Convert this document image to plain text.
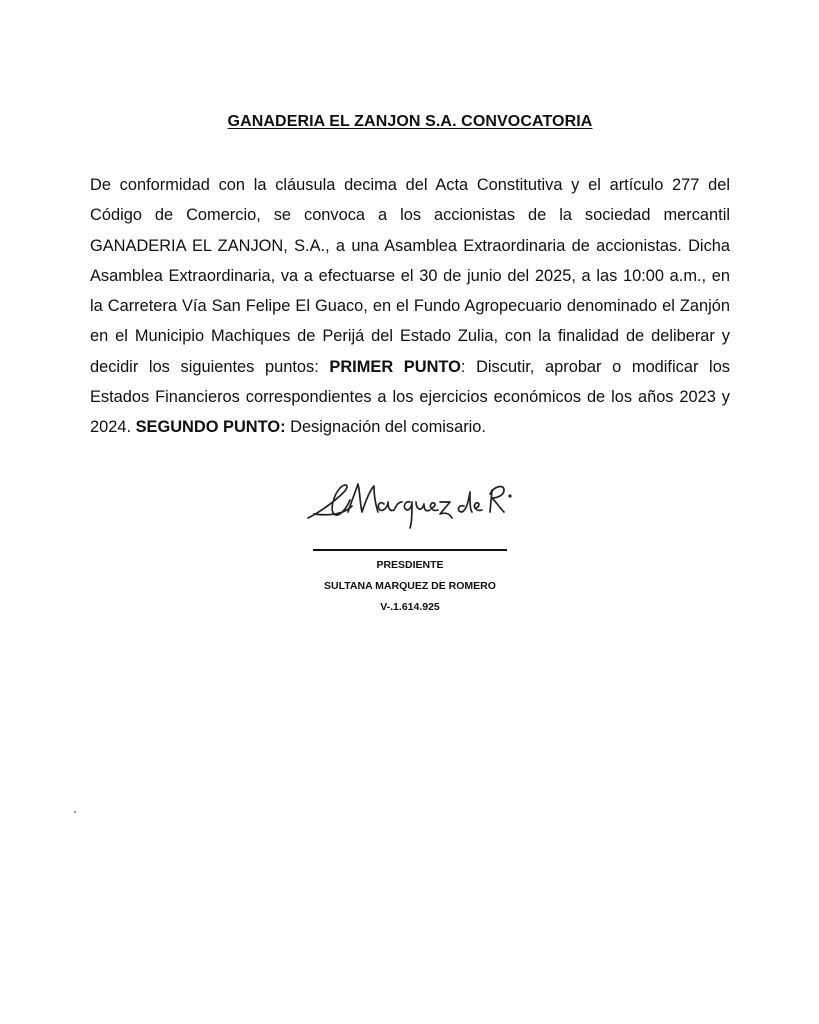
GANADERIA EL ZANJON S.A. CONVOCATORIA

De conformidad con la cláusula decima del Acta Constitutiva y el artículo 277 del Código de Comercio, se convoca a los accionistas de la sociedad mercantil GANADERIA EL ZANJON, S.A., a una Asamblea Extraordinaria de accionistas. Dicha Asamblea Extraordinaria, va a efectuarse el 30 de junio del 2025, a las 10:00 a.m., en la Carretera Vía San Felipe El Guaco, en el Fundo Agropecuario denominado el Zanjón en el Municipio Machiques de Perijá del Estado Zulia, con la finalidad de deliberar y decidir los siguientes puntos: PRIMER PUNTO: Discutir, aprobar o modificar los Estados Financieros correspondientes a los ejercicios económicos de los años 2023 y 2024. SEGUNDO PUNTO: Designación del comisario.

PRESDIENTE

SULTANA MARQUEZ DE ROMERO

V-.1.614.925
